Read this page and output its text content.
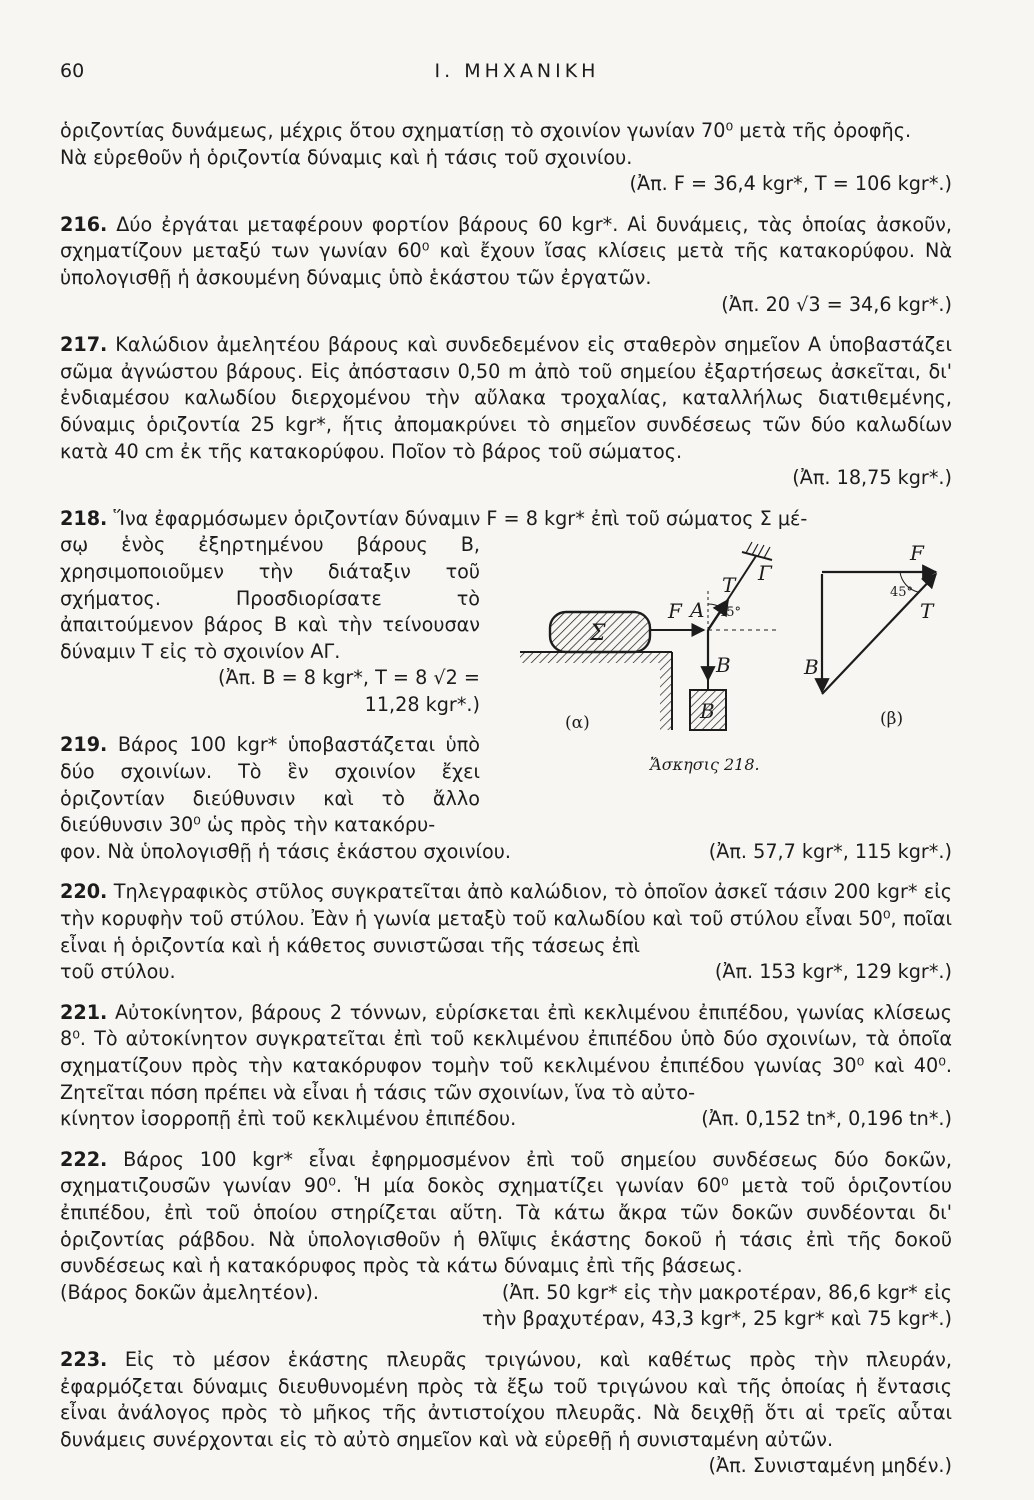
60	Ι. ΜΗΧΑΝΙΚΗ
ὁριζοντίας δυνάμεως, μέχρις ὅτου σχηματίσῃ τὸ σχοινίον γωνίαν 70⁰ μετὰ τῆς ὀροφῆς.
Νὰ εὑρεθοῦν ἡ ὁριζοντία δύναμις καὶ ἡ τάσις τοῦ σχοινίου.
(Ἀπ. F = 36,4 kgr*, T = 106 kgr*.)
216. Δύο ἐργάται μεταφέρουν φορτίον βάρους 60 kgr*. Αἱ δυνάμεις, τὰς ὁποίας ἀσκοῦν, σχηματίζουν μεταξύ των γωνίαν 60⁰ καὶ ἔχουν ἴσας κλίσεις μετὰ τῆς κατακορύφου. Νὰ ὑπολογισθῇ ἡ ἀσκουμένη δύναμις ὑπὸ ἑκάστου τῶν ἐργατῶν.
(Ἀπ. 20 √3 = 34,6 kgr*.)
217. Καλώδιον ἀμελητέου βάρους καὶ συνδεδεμένον εἰς σταθερὸν σημεῖον Α ὑποβαστάζει σῶμα ἀγνώστου βάρους. Εἰς ἀπόστασιν 0,50 m ἀπὸ τοῦ σημείου ἐξαρτήσεως ἀσκεῖται, δι' ἐνδιαμέσου καλωδίου διερχομένου τὴν αὔλακα τροχαλίας, καταλλήλως διατιθεμένης, δύναμις ὁριζοντία 25 kgr*, ἥτις ἀπομακρύνει τὸ σημεῖον συνδέσεως τῶν δύο καλωδίων κατὰ 40 cm ἐκ τῆς κατακορύφου. Ποῖον τὸ βάρος τοῦ σώματος.
(Ἀπ. 18,75 kgr*.)
218. Ἵνα ἐφαρμόσωμεν ὁριζοντίαν δύναμιν F = 8 kgr* ἐπὶ τοῦ σώματος Σ μέ-
σῳ ἑνὸς ἐξηρτημένου βάρους Β, χρησιμοποιοῦμεν τὴν διάταξιν τοῦ σχήματος. Προσδιορίσατε τὸ ἀπαιτούμενον βάρος Β καὶ τὴν τείνουσαν δύναμιν Τ εἰς τὸ σχοινίον ΑΓ.
(Ἀπ. Β = 8 kgr*, T = 8 √2 =
11,28 kgr*.)
219. Βάρος 100 kgr* ὑποβαστάζεται ὑπὸ δύο σχοινίων. Τὸ ἓν σχοινίον ἔχει ὁριζοντίαν διεύθυνσιν καὶ τὸ ἄλλο διεύθυνσιν 30⁰ ὡς πρὸς τὴν κατακόρυ-
φον. Νὰ ὑπολογισθῇ ἡ τάσις ἑκάστου σχοινίου.	(Ἀπ. 57,7 kgr*, 115 kgr*.)
220. Τηλεγραφικὸς στῦλος συγκρατεῖται ἀπὸ καλώδιον, τὸ ὁποῖον ἀσκεῖ τάσιν 200 kgr* εἰς τὴν κορυφὴν τοῦ στύλου. Ἐὰν ἡ γωνία μεταξὺ τοῦ καλωδίου καὶ τοῦ στύλου εἶναι 50⁰, ποῖαι εἶναι ἡ ὁριζοντία καὶ ἡ κάθετος συνιστῶσαι τῆς τάσεως ἐπὶ
τοῦ στύλου.	(Ἀπ. 153 kgr*, 129 kgr*.)
221. Αὐτοκίνητον, βάρους 2 τόννων, εὑρίσκεται ἐπὶ κεκλιμένου ἐπιπέδου, γωνίας κλίσεως 8⁰. Τὸ αὐτοκίνητον συγκρατεῖται ἐπὶ τοῦ κεκλιμένου ἐπιπέδου ὑπὸ δύο σχοινίων, τὰ ὁποῖα σχηματίζουν πρὸς τὴν κατακόρυφον τομὴν τοῦ κεκλιμένου ἐπιπέδου γωνίας 30⁰ καὶ 40⁰. Ζητεῖται πόση πρέπει νὰ εἶναι ἡ τάσις τῶν σχοινίων, ἵνα τὸ αὐτο-
κίνητον ἰσορροπῇ ἐπὶ τοῦ κεκλιμένου ἐπιπέδου.	(Ἀπ. 0,152 tn*, 0,196 tn*.)
222. Βάρος 100 kgr* εἶναι ἐφηρμοσμένον ἐπὶ τοῦ σημείου συνδέσεως δύο δοκῶν, σχηματιζουσῶν γωνίαν 90⁰. Ἡ μία δοκὸς σχηματίζει γωνίαν 60⁰ μετὰ τοῦ ὁριζοντίου ἐπιπέδου, ἐπὶ τοῦ ὁποίου στηρίζεται αὕτη. Τὰ κάτω ἄκρα τῶν δοκῶν συνδέονται δι' ὁριζοντίας ράβδου. Νὰ ὑπολογισθοῦν ἡ θλῖψις ἑκάστης δοκοῦ ἡ τάσις ἐπὶ τῆς δοκοῦ συνδέσεως καὶ ἡ κατακόρυφος πρὸς τὰ κάτω δύναμις ἐπὶ τῆς βάσεως.
(Βάρος δοκῶν ἀμελητέον).	(Ἀπ. 50 kgr* εἰς τὴν μακροτέραν, 86,6 kgr* εἰς
τὴν βραχυτέραν, 43,3 kgr*, 25 kgr* καὶ 75 kgr*.)
223. Εἰς τὸ μέσον ἑκάστης πλευρᾶς τριγώνου, καὶ καθέτως πρὸς τὴν πλευράν, ἐφαρμόζεται δύναμις διευθυνομένη πρὸς τὰ ἔξω τοῦ τριγώνου καὶ τῆς ὁποίας ἡ ἔντασις εἶναι ἀνάλογος πρὸς τὸ μῆκος τῆς ἀντιστοίχου πλευρᾶς. Νὰ δειχθῇ ὅτι αἱ τρεῖς αὗται δυνάμεις συνέρχονται εἰς τὸ αὐτὸ σημεῖον καὶ νὰ εὑρεθῇ ἡ συνισταμένη αὐτῶν.
(Ἀπ. Συνισταμένη μηδέν.)
Σ
F A
T Γ
45°
B
B
(α)
F
T
B
45°
(β)
Ἄσκησις 218.
